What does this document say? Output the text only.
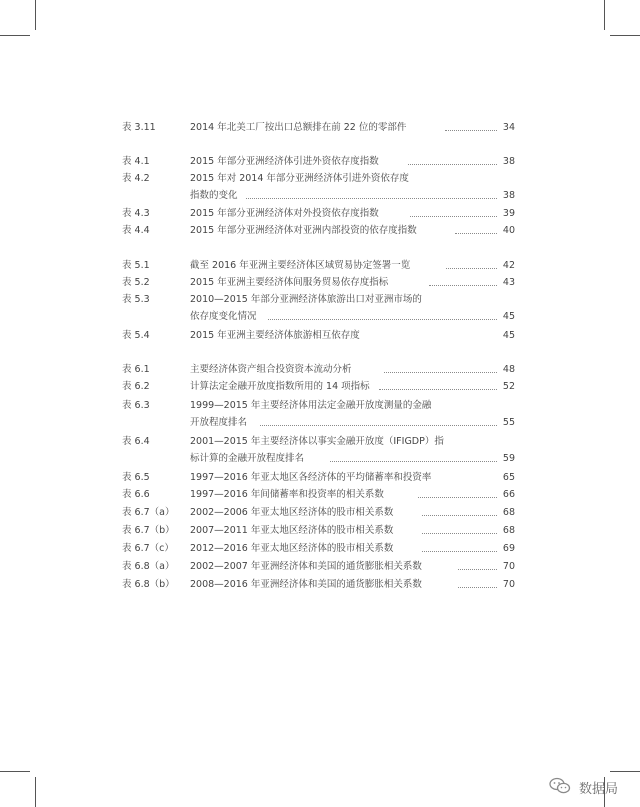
表 3.11	2014 年北美工厂按出口总额排在前 22 位的零部件	34
表 4.1	2015 年部分亚洲经济体引进外资依存度指数	38
表 4.2	2015 年对 2014 年部分亚洲经济体引进外资依存度
指数的变化	38
表 4.3	2015 年部分亚洲经济体对外投资依存度指数	39
表 4.4	2015 年部分亚洲经济体对亚洲内部投资的依存度指数	40
表 5.1	截至 2016 年亚洲主要经济体区域贸易协定签署一览	42
表 5.2	2015 年亚洲主要经济体间服务贸易依存度指标	43
表 5.3	2010—2015 年部分亚洲经济体旅游出口对亚洲市场的
依存度变化情况	45
表 5.4	2015 年亚洲主要经济体旅游相互依存度	45
表 6.1	主要经济体资产组合投资资本流动分析	48
表 6.2	计算法定金融开放度指数所用的 14 项指标	52
表 6.3	1999—2015 年主要经济体用法定金融开放度测量的金融
开放程度排名	55
表 6.4	2001—2015 年主要经济体以事实金融开放度（IFIGDP）指
标计算的金融开放程度排名	59
表 6.5	1997—2016 年亚太地区各经济体的平均储蓄率和投资率	65
表 6.6	1997—2016 年间储蓄率和投资率的相关系数	66
表 6.7（a） 2002—2006 年亚太地区经济体的股市相关系数	68
表 6.7（b） 2007—2011 年亚太地区经济体的股市相关系数	68
表 6.7（c） 2012—2016 年亚太地区经济体的股市相关系数	69
表 6.8（a） 2002—2007 年亚洲经济体和美国的通货膨胀相关系数	70
表 6.8（b） 2008—2016 年亚洲经济体和美国的通货膨胀相关系数	70
数据局
